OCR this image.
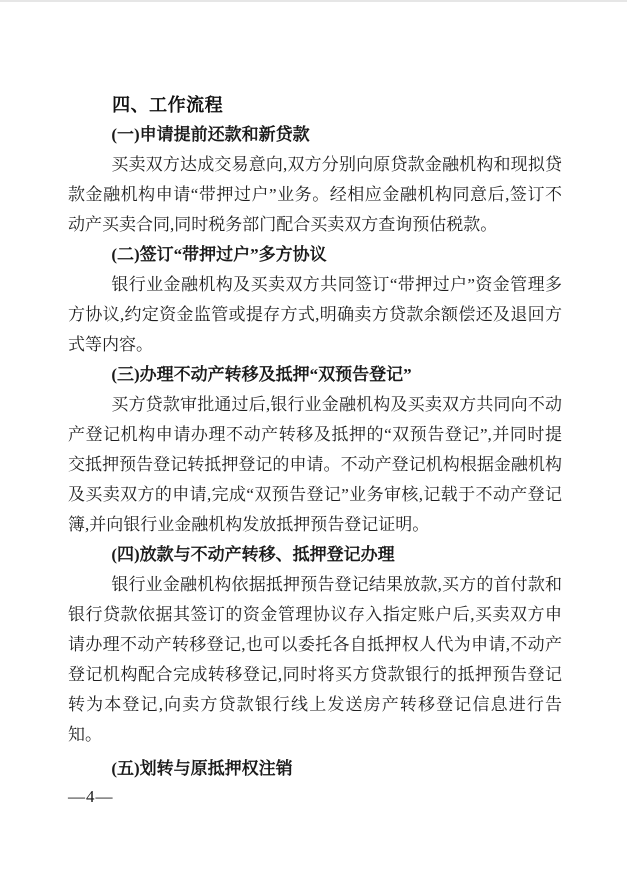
四、工作流程
(一)申请提前还款和新贷款

买卖双方达成交易意向,双方分别向原贷款金融机构和现拟贷款金融机构申请“带押过户”业务。经相应金融机构同意后,签订不动产买卖合同,同时税务部门配合买卖双方查询预估税款。

(二)签订“带押过户”多方协议

银行业金融机构及买卖双方共同签订“带押过户”资金管理多方协议,约定资金监管或提存方式,明确卖方贷款余额偿还及退回方式等内容。

(三)办理不动产转移及抵押“双预告登记”

买方贷款审批通过后,银行业金融机构及买卖双方共同向不动产登记机构申请办理不动产转移及抵押的“双预告登记”,并同时提交抵押预告登记转抵押登记的申请。不动产登记机构根据金融机构及买卖双方的申请,完成“双预告登记”业务审核,记载于不动产登记簿,并向银行业金融机构发放抵押预告登记证明。

(四)放款与不动产转移、抵押登记办理

银行业金融机构依据抵押预告登记结果放款,买方的首付款和银行贷款依据其签订的资金管理协议存入指定账户后,买卖双方申请办理不动产转移登记,也可以委托各自抵押权人代为申请,不动产登记机构配合完成转移登记,同时将买方贷款银行的抵押预告登记转为本登记,向卖方贷款银行线上发送房产转移登记信息进行告知。

(五)划转与原抵押权注销
—4—
